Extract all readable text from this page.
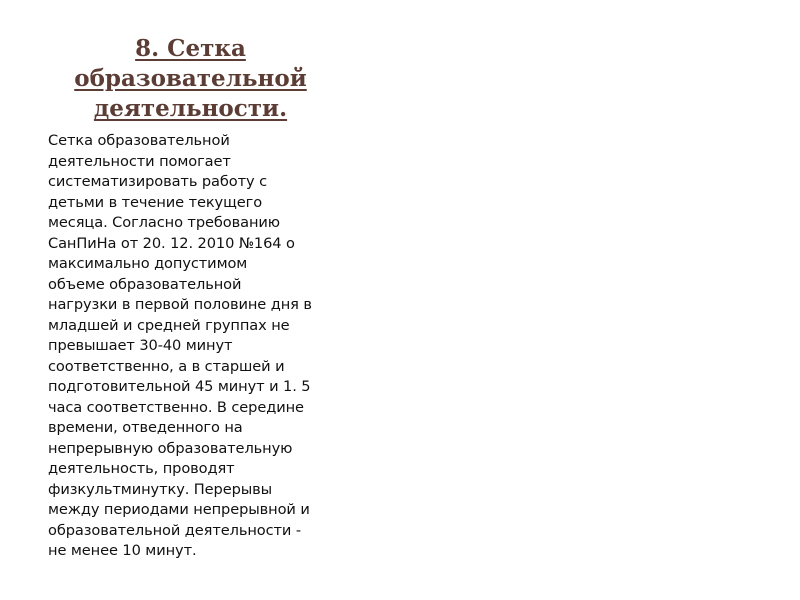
8. Сетка
образовательной
деятельности.
Сетка образовательной
деятельности помогает
систематизировать работу с
детьми в течение текущего
месяца. Согласно требованию
СанПиНа от 20. 12. 2010 №164 о
максимально допустимом
объеме образовательной
нагрузки в первой половине дня в
младшей и средней группах не
превышает 30-40 минут
соответственно, а в старшей и
подготовительной 45 минут и 1. 5
часа соответственно. В середине
времени, отведенного на
непрерывную образовательную
деятельность, проводят
физкультминутку. Перерывы
между периодами непрерывной и
образовательной деятельности -
не менее 10 минут.
